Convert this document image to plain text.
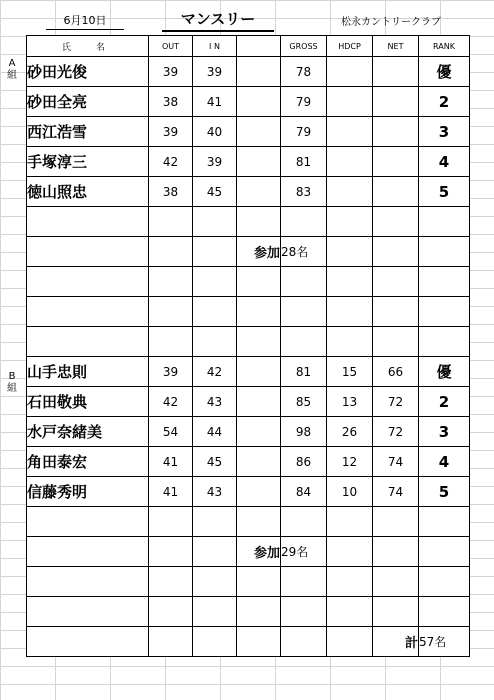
6月10日	マンスリー	松永カントリークラブ
A 組
B 組
氏　名	OUT	I N		GROSS	HDCP	NET	RANK
砂田光俊	39	39		78			優
砂田全亮	38	41		79			2
西江浩雪	39	40		79			3
手塚淳三	42	39		81			4
徳山照忠	38	45		83			5

			参加	28名			

山手忠則	39	42		81	15	66	優
石田敬典	42	43		85	13	72	2
水戸奈緒美	54	44		98	26	72	3
角田泰宏	41	45		86	12	74	4
信藤秀明	41	43		84	10	74	5

			参加	29名			

						計	57名
